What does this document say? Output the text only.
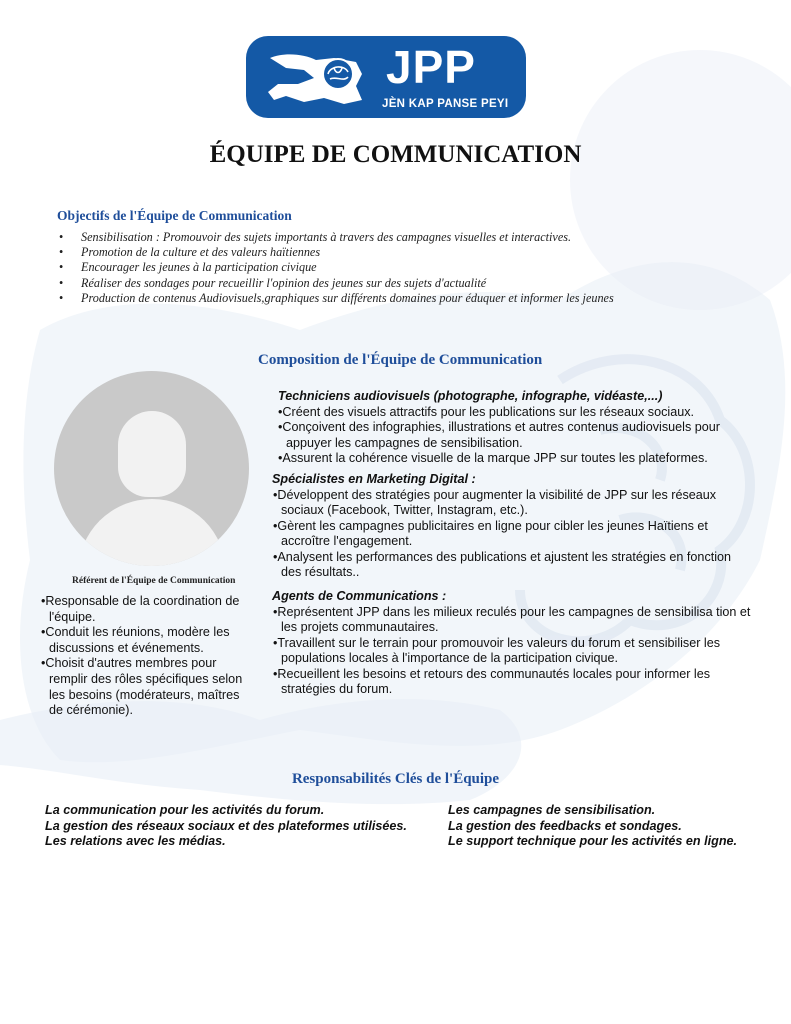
JPP
JÈN KAP PANSE PEYI
ÉQUIPE DE COMMUNICATION
Objectifs de l'Équipe de Communication
• Sensibilisation : Promouvoir des sujets importants à travers des campagnes visuelles et interactives.
• Promotion de la culture et des valeurs haïtiennes
• Encourager les jeunes à la participation civique
• Réaliser des sondages pour recueillir l'opinion des jeunes sur des sujets d'actualité
• Production de contenus Audiovisuels,graphiques sur différents domaines pour éduquer et informer les jeunes
Composition de l'Équipe de Communication
Référent de l'Équipe de Communication
•Responsable de la coordination de l'équipe.
•Conduit les réunions, modère les discussions et événements.
•Choisit d'autres membres pour remplir des rôles spécifiques selon les besoins (modérateurs, maîtres de cérémonie).
Techniciens audiovisuels (photographe, infographe, vidéaste,...)
•Créent des visuels attractifs pour les publications sur les réseaux sociaux.
•Conçoivent des infographies, illustrations et autres contenus audiovisuels pour appuyer les campagnes de sensibilisation.
•Assurent la cohérence visuelle de la marque JPP sur toutes les plateformes.
Spécialistes en Marketing Digital :
•Développent des stratégies pour augmenter la visibilité de JPP sur les réseaux sociaux (Facebook, Twitter, Instagram, etc.).
•Gèrent les campagnes publicitaires en ligne pour cibler les jeunes Haïtiens et accroître l'engagement.
•Analysent les performances des publications et ajustent les stratégies en fonction des résultats..
Agents de Communications :
•Représentent JPP dans les milieux reculés pour les campagnes de sensibilisa tion et les projets communautaires.
•Travaillent sur le terrain pour promouvoir les valeurs du forum et sensibiliser les populations locales à l'importance de la participation civique.
•Recueillent les besoins et retours des communautés locales pour informer les stratégies du forum.
Responsabilités Clés de l'Équipe
La communication pour les activités du forum.
La gestion des réseaux sociaux et des plateformes utilisées.
Les relations avec les médias.
Les campagnes de sensibilisation.
La gestion des feedbacks et sondages.
Le support technique pour les activités en ligne.
